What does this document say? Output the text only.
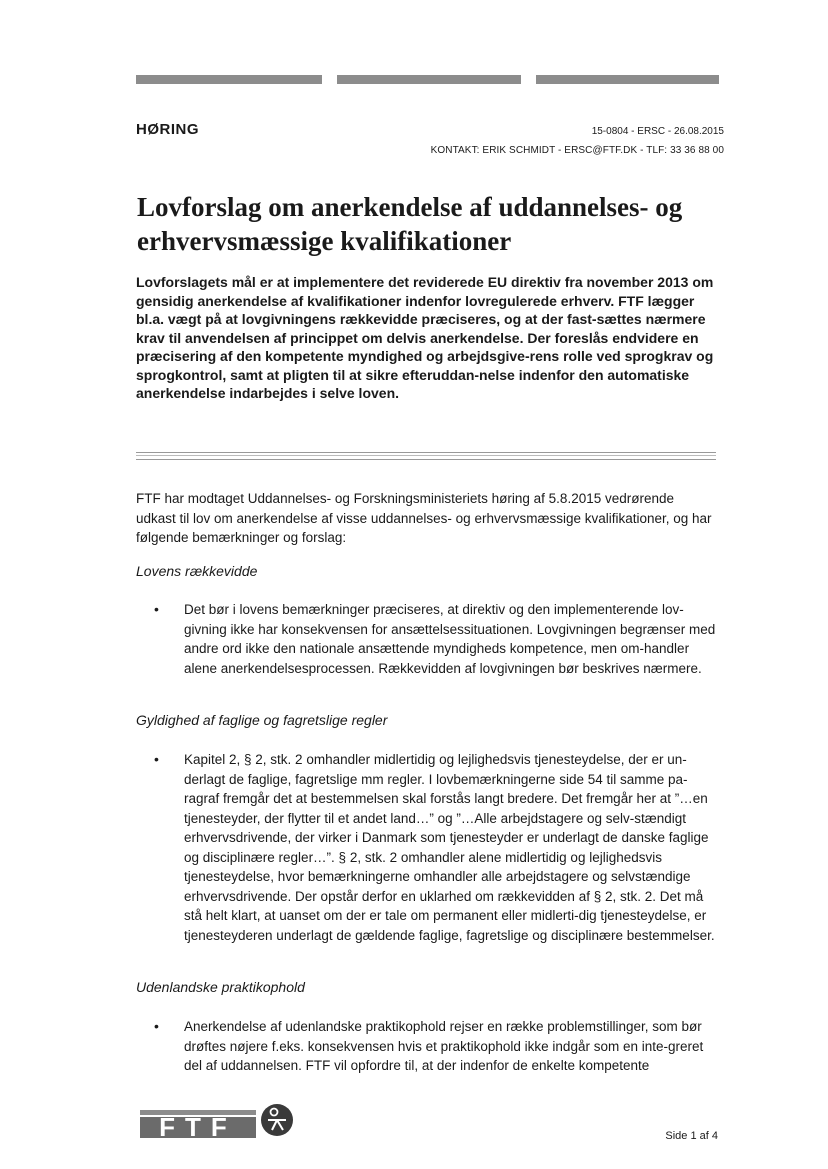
HØRING	15-0804 - ERSC - 26.08.2015
KONTAKT: ERIK SCHMIDT - ERSC@FTF.DK - TLF: 33 36 88 00
Lovforslag om anerkendelse af uddannelses- og erhvervsmæssige kvalifikationer

Lovforslagets mål er at implementere det reviderede EU direktiv fra november 2013 om gensidig anerkendelse af kvalifikationer indenfor lovregulerede erhverv. FTF lægger bl.a. vægt på at lovgivningens rækkevidde præciseres, og at der fast-sættes nærmere krav til anvendelsen af princippet om delvis anerkendelse. Der foreslås endvidere en præcisering af den kompetente myndighed og arbejdsgive-rens rolle ved sprogkrav og sprogkontrol, samt at pligten til at sikre efteruddan-nelse indenfor den automatiske anerkendelse indarbejdes i selve loven.

FTF har modtaget Uddannelses- og Forskningsministeriets høring af 5.8.2015 vedrørende udkast til lov om anerkendelse af visse uddannelses- og erhvervsmæssige kvalifikationer, og har følgende bemærkninger og forslag:

Lovens rækkevidde

• Det bør i lovens bemærkninger præciseres, at direktiv og den implementerende lov-givning ikke har konsekvensen for ansættelsessituationen. Lovgivningen begrænser med andre ord ikke den nationale ansættende myndigheds kompetence, men om-handler alene anerkendelsesprocessen. Rækkevidden af lovgivningen bør beskrives nærmere.

Gyldighed af faglige og fagretslige regler

• Kapitel 2, § 2, stk. 2 omhandler midlertidig og lejlighedsvis tjenesteydelse, der er un-derlagt de faglige, fagretslige mm regler. I lovbemærkningerne side 54 til samme pa-ragraf fremgår det at bestemmelsen skal forstås langt bredere. Det fremgår her at ”…en tjenesteyder, der flytter til et andet land…” og ”…Alle arbejdstagere og selv-stændigt erhvervsdrivende, der virker i Danmark som tjenesteyder er underlagt de danske faglige og disciplinære regler…”. § 2, stk. 2 omhandler alene midlertidig og lejlighedsvis tjenesteydelse, hvor bemærkningerne omhandler alle arbejdstagere og selvstændige erhvervsdrivende. Der opstår derfor en uklarhed om rækkevidden af § 2, stk. 2. Det må stå helt klart, at uanset om der er tale om permanent eller midlerti-dig tjenesteydelse, er tjenesteyderen underlagt de gældende faglige, fagretslige og disciplinære bestemmelser.

Udenlandske praktikophold

• Anerkendelse af udenlandske praktikophold rejser en række problemstillinger, som bør drøftes nøjere f.eks. konsekvensen hvis et praktikophold ikke indgår som en inte-greret del af uddannelsen. FTF vil opfordre til, at der indenfor de enkelte kompetente
FTF	Side 1 af 4
